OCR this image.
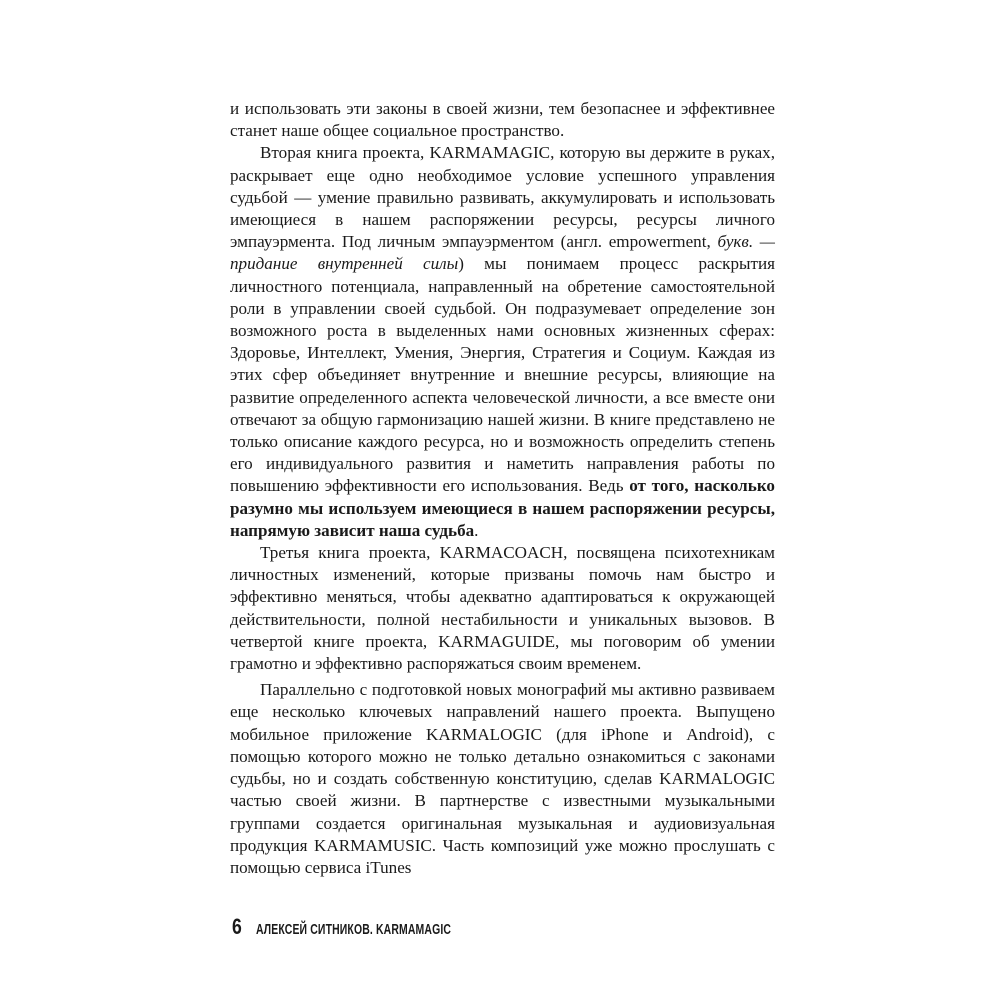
и использовать эти законы в своей жизни, тем безопаснее и эффективнее станет наше общее социальное пространство.

Вторая книга проекта, KARMAMAGIC, которую вы держите в руках, раскрывает еще одно необходимое условие успешного управления судьбой — умение правильно развивать, аккумулировать и использовать имеющиеся в нашем распоряжении ресурсы, ресурсы личного эмпауэрмента. Под личным эмпауэрментом (англ. empowerment, букв. — придание внутренней силы) мы понимаем процесс раскрытия личностного потенциала, направленный на обретение самостоятельной роли в управлении своей судьбой. Он подразумевает определение зон возможного роста в выделенных нами основных жизненных сферах: Здоровье, Интеллект, Умения, Энергия, Стратегия и Социум. Каждая из этих сфер объединяет внутренние и внешние ресурсы, влияющие на развитие определенного аспекта человеческой личности, а все вместе они отвечают за общую гармонизацию нашей жизни. В книге представлено не только описание каждого ресурса, но и возможность определить степень его индивидуального развития и наметить направления работы по повышению эффективности его использования. Ведь от того, насколько разумно мы используем имеющиеся в нашем распоряжении ресурсы, напрямую зависит наша судьба.

Третья книга проекта, KARMACOACH, посвящена психотехникам личностных изменений, которые призваны помочь нам быстро и эффективно меняться, чтобы адекватно адаптироваться к окружающей действительности, полной нестабильности и уникальных вызовов. В четвертой книге проекта, KARMAGUIDE, мы поговорим об умении грамотно и эффективно распоряжаться своим временем.

Параллельно с подготовкой новых монографий мы активно развиваем еще несколько ключевых направлений нашего проекта. Выпущено мобильное приложение KARMALOGIC (для iPhone и Android), с помощью которого можно не только детально ознакомиться с законами судьбы, но и создать собственную конституцию, сделав KARMALOGIC частью своей жизни. В партнерстве с известными музыкальными группами создается оригинальная музыкальная и аудиовизуальная продукция KARMAMUSIC. Часть композиций уже можно прослушать с помощью сервиса iTunes

6 АЛЕКСЕЙ СИТНИКОВ. KARMAMAGIC
